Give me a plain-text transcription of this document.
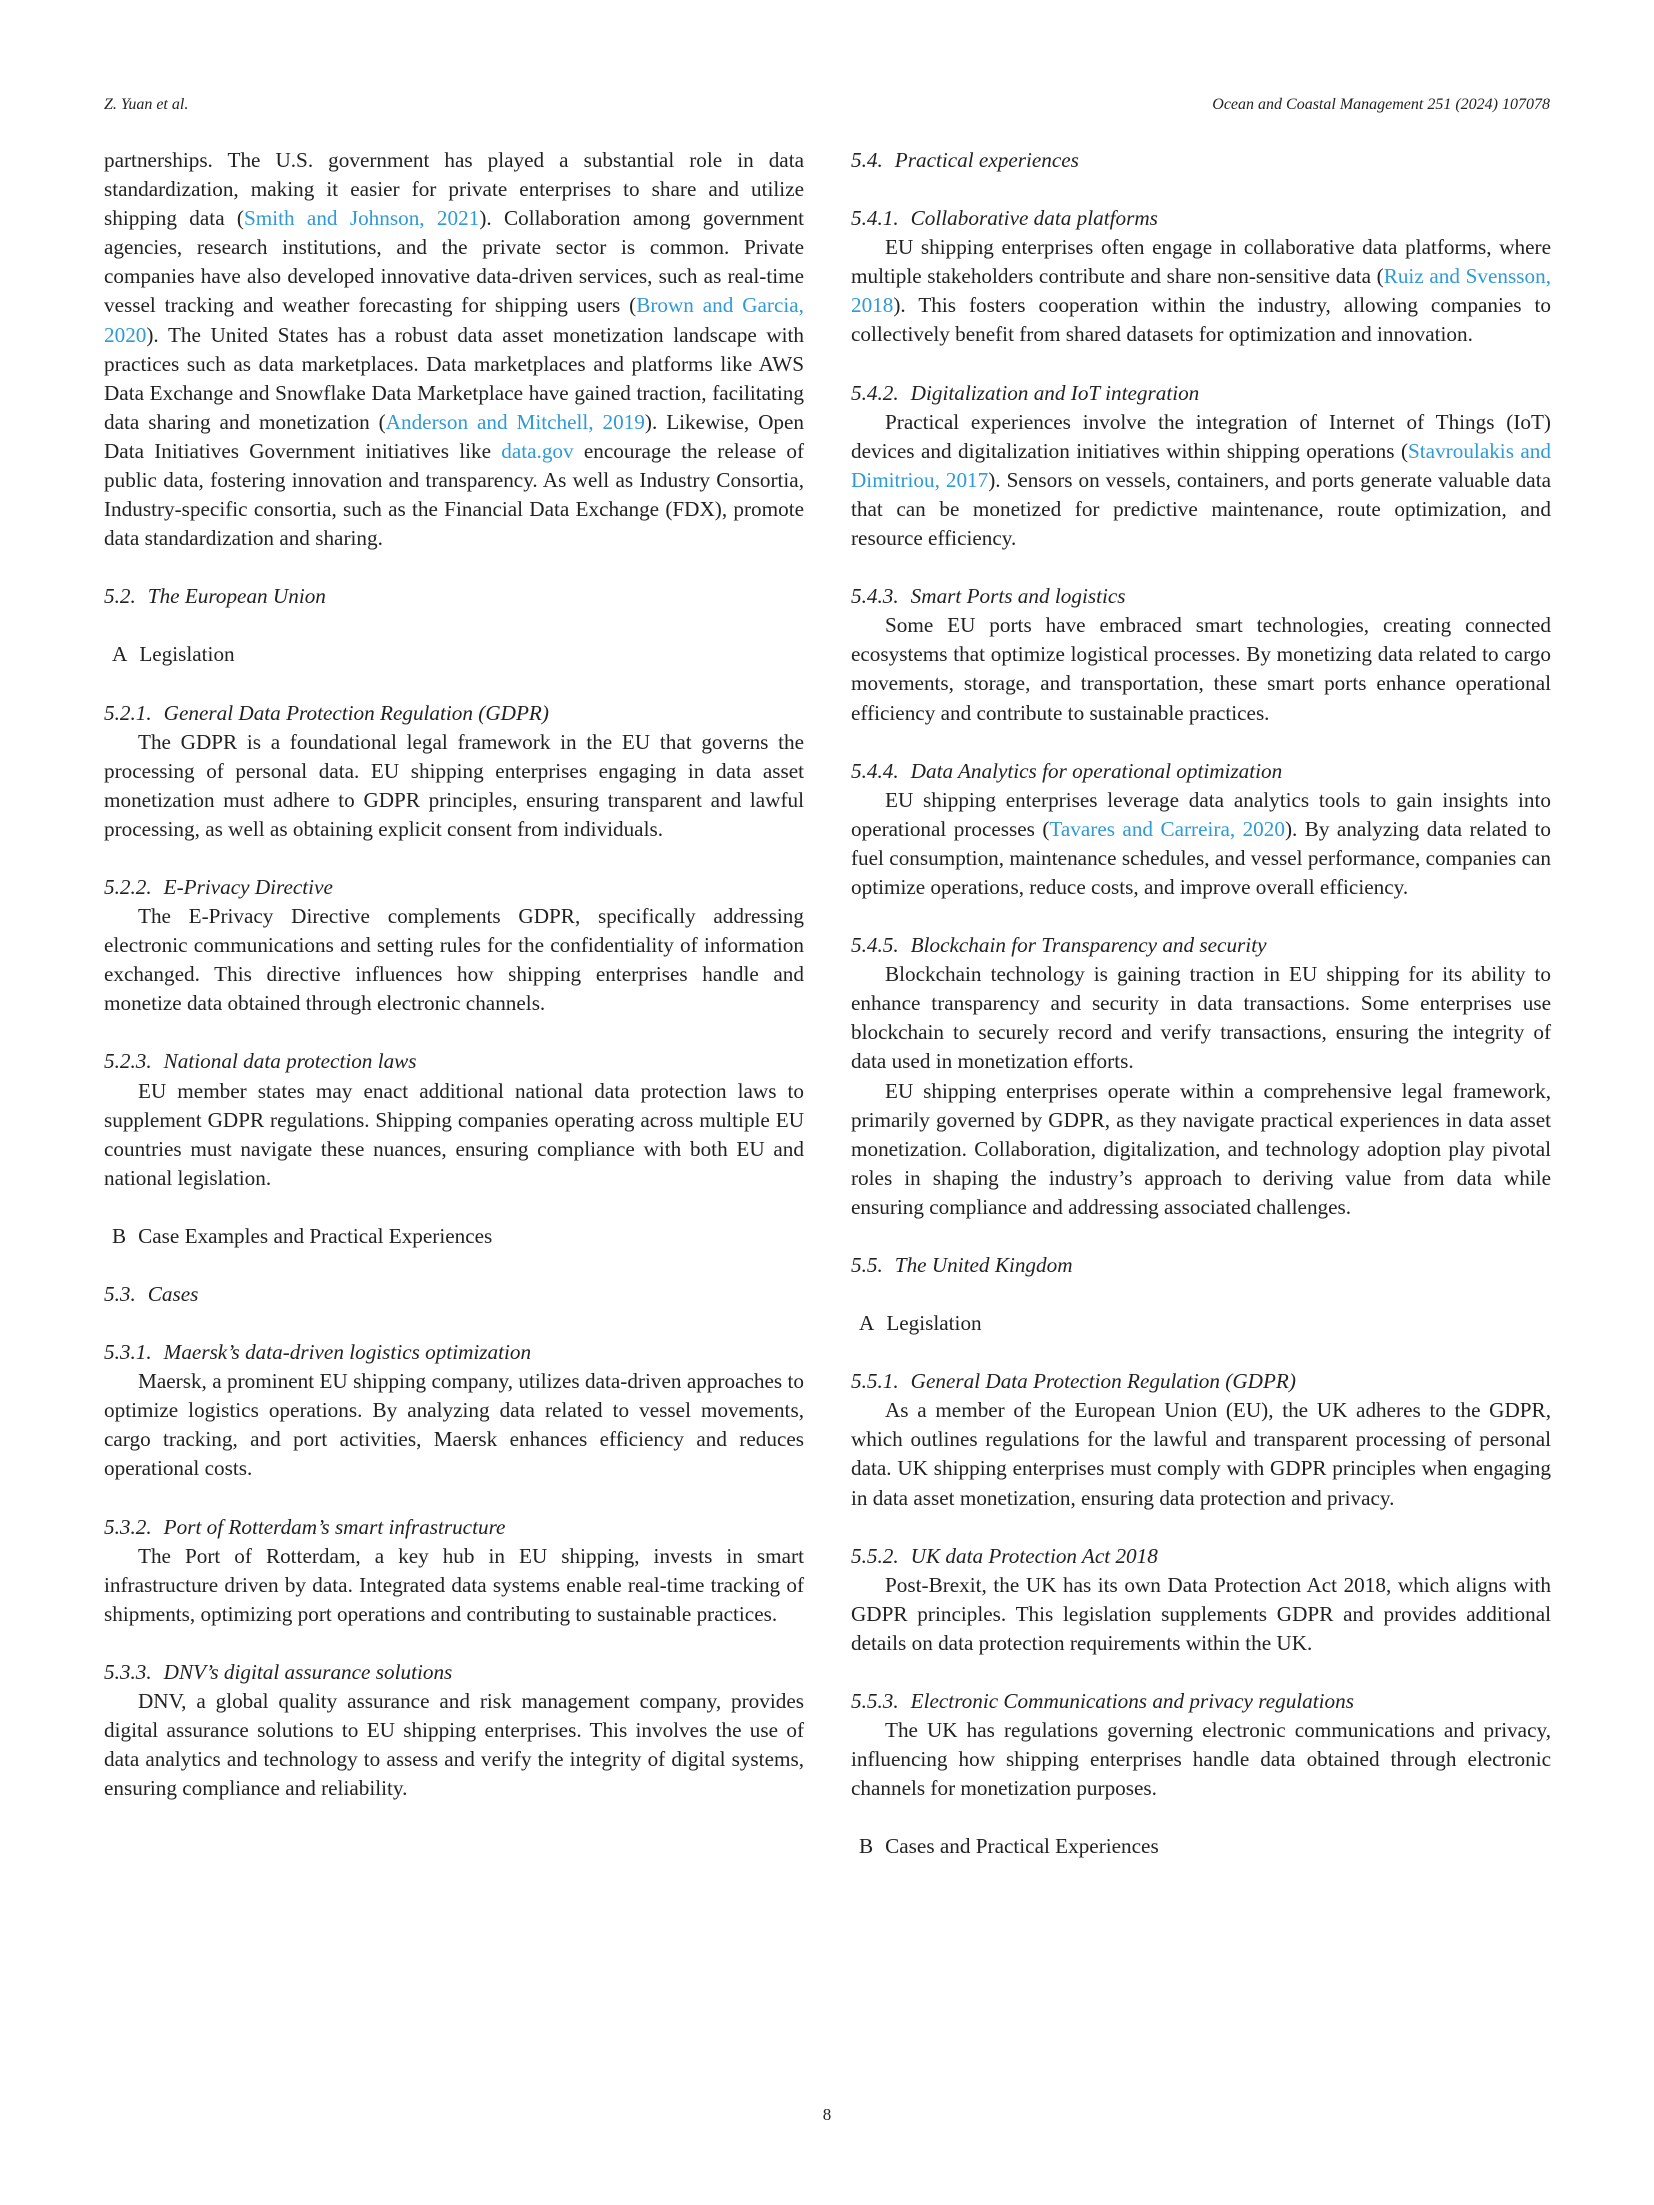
Z. Yuan et al.	Ocean and Coastal Management 251 (2024) 107078

partnerships. The U.S. government has played a substantial role in data standardization, making it easier for private enterprises to share and utilize shipping data (Smith and Johnson, 2021). Collaboration among government agencies, research institutions, and the private sector is common. Private companies have also developed innovative data-driven services, such as real-time vessel tracking and weather forecasting for shipping users (Brown and Garcia, 2020). The United States has a robust data asset monetization landscape with practices such as data marketplaces. Data marketplaces and platforms like AWS Data Exchange and Snowflake Data Marketplace have gained traction, facilitating data sharing and monetization (Anderson and Mitchell, 2019). Likewise, Open Data Initiatives Government initiatives like data.gov encourage the release of public data, fostering innovation and transparency. As well as Industry Consortia, Industry-specific consortia, such as the Financial Data Exchange (FDX), promote data standardization and sharing.

5.2. The European Union
A Legislation
5.2.1. General Data Protection Regulation (GDPR)

The GDPR is a foundational legal framework in the EU that governs the processing of personal data. EU shipping enterprises engaging in data asset monetization must adhere to GDPR principles, ensuring transparent and lawful processing, as well as obtaining explicit consent from individuals.

5.2.2. E-Privacy Directive

The E-Privacy Directive complements GDPR, specifically addressing electronic communications and setting rules for the confidentiality of information exchanged. This directive influences how shipping enterprises handle and monetize data obtained through electronic channels.

5.2.3. National data protection laws

EU member states may enact additional national data protection laws to supplement GDPR regulations. Shipping companies operating across multiple EU countries must navigate these nuances, ensuring compliance with both EU and national legislation.

B Case Examples and Practical Experiences
5.3. Cases
5.3.1. Maersk’s data-driven logistics optimization

Maersk, a prominent EU shipping company, utilizes data-driven approaches to optimize logistics operations. By analyzing data related to vessel movements, cargo tracking, and port activities, Maersk enhances efficiency and reduces operational costs.

5.3.2. Port of Rotterdam’s smart infrastructure

The Port of Rotterdam, a key hub in EU shipping, invests in smart infrastructure driven by data. Integrated data systems enable real-time tracking of shipments, optimizing port operations and contributing to sustainable practices.

5.3.3. DNV’s digital assurance solutions

DNV, a global quality assurance and risk management company, provides digital assurance solutions to EU shipping enterprises. This involves the use of data analytics and technology to assess and verify the integrity of digital systems, ensuring compliance and reliability.

5.4. Practical experiences
5.4.1. Collaborative data platforms

EU shipping enterprises often engage in collaborative data platforms, where multiple stakeholders contribute and share non-sensitive data (Ruiz and Svensson, 2018). This fosters cooperation within the industry, allowing companies to collectively benefit from shared datasets for optimization and innovation.

5.4.2. Digitalization and IoT integration

Practical experiences involve the integration of Internet of Things (IoT) devices and digitalization initiatives within shipping operations (Stavroulakis and Dimitriou, 2017). Sensors on vessels, containers, and ports generate valuable data that can be monetized for predictive maintenance, route optimization, and resource efficiency.

5.4.3. Smart Ports and logistics

Some EU ports have embraced smart technologies, creating connected ecosystems that optimize logistical processes. By monetizing data related to cargo movements, storage, and transportation, these smart ports enhance operational efficiency and contribute to sustainable practices.

5.4.4. Data Analytics for operational optimization

EU shipping enterprises leverage data analytics tools to gain insights into operational processes (Tavares and Carreira, 2020). By analyzing data related to fuel consumption, maintenance schedules, and vessel performance, companies can optimize operations, reduce costs, and improve overall efficiency.

5.4.5. Blockchain for Transparency and security

Blockchain technology is gaining traction in EU shipping for its ability to enhance transparency and security in data transactions. Some enterprises use blockchain to securely record and verify transactions, ensuring the integrity of data used in monetization efforts.

EU shipping enterprises operate within a comprehensive legal framework, primarily governed by GDPR, as they navigate practical experiences in data asset monetization. Collaboration, digitalization, and technology adoption play pivotal roles in shaping the industry’s approach to deriving value from data while ensuring compliance and addressing associated challenges.

5.5. The United Kingdom
A Legislation
5.5.1. General Data Protection Regulation (GDPR)

As a member of the European Union (EU), the UK adheres to the GDPR, which outlines regulations for the lawful and transparent processing of personal data. UK shipping enterprises must comply with GDPR principles when engaging in data asset monetization, ensuring data protection and privacy.

5.5.2. UK data Protection Act 2018

Post-Brexit, the UK has its own Data Protection Act 2018, which aligns with GDPR principles. This legislation supplements GDPR and provides additional details on data protection requirements within the UK.

5.5.3. Electronic Communications and privacy regulations

The UK has regulations governing electronic communications and privacy, influencing how shipping enterprises handle data obtained through electronic channels for monetization purposes.

B Cases and Practical Experiences
8
